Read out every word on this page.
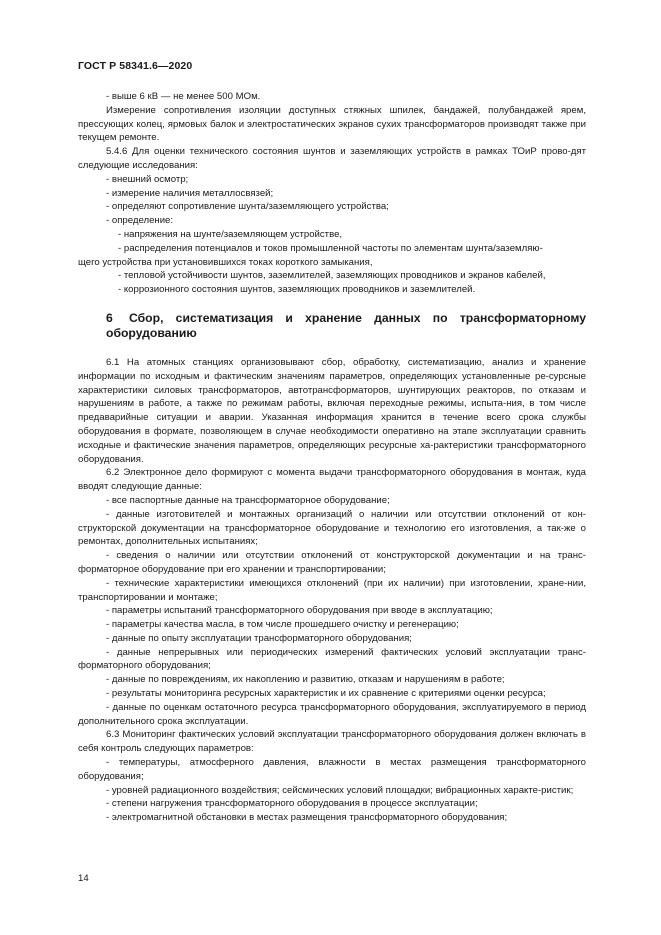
ГОСТ Р 58341.6—2020

- выше 6 кВ — не менее 500 МОм.

Измерение сопротивления изоляции доступных стяжных шпилек, бандажей, полубандажей ярем, прессующих колец, ярмовых балок и электростатических экранов сухих трансформаторов производят также при текущем ремонте.

5.4.6 Для оценки технического состояния шунтов и заземляющих устройств в рамках ТОиР прово-дят следующие исследования:

- внешний осмотр;

- измерение наличия металлосвязей;

- определяют сопротивление шунта/заземляющего устройства;

- определение:

- напряжения на шунте/заземляющем устройстве,

- распределения потенциалов и токов промышленной частоты по элементам шунта/заземляю-
щего устройства при установившихся токах короткого замыкания,

- тепловой устойчивости шунтов, заземлителей, заземляющих проводников и экранов кабелей,

- коррозионного состояния шунтов, заземляющих проводников и заземлителей.

6 Сбор, систематизация и хранение данных по трансформаторному оборудованию

6.1 На атомных станциях организовывают сбор, обработку, систематизацию, анализ и хранение информации по исходным и фактическим значениям параметров, определяющих установленные ре-сурсные характеристики силовых трансформаторов, автотрансформаторов, шунтирующих реакторов, по отказам и нарушениям в работе, а также по режимам работы, включая переходные режимы, испыта-ния, в том числе предаварийные ситуации и аварии. Указанная информация хранится в течение всего срока службы оборудования в формате, позволяющем в случае необходимости оперативно на этапе эксплуатации сравнить исходные и фактические значения параметров, определяющих ресурсные ха-рактеристики трансформаторного оборудования.

6.2 Электронное дело формируют с момента выдачи трансформаторного оборудования в монтаж, куда вводят следующие данные:

- все паспортные данные на трансформаторное оборудование;

- данные изготовителей и монтажных организаций о наличии или отсутствии отклонений от кон-структорской документации на трансформаторное оборудование и технологию его изготовления, а так-же о ремонтах, дополнительных испытаниях;

- сведения о наличии или отсутствии отклонений от конструкторской документации и на транс-форматорное оборудование при его хранении и транспортировании;

- технические характеристики имеющихся отклонений (при их наличии) при изготовлении, хране-нии, транспортировании и монтаже;

- параметры испытаний трансформаторного оборудования при вводе в эксплуатацию;

- параметры качества масла, в том числе прошедшего очистку и регенерацию;

- данные по опыту эксплуатации трансформаторного оборудования;

- данные непрерывных или периодических измерений фактических условий эксплуатации транс-форматорного оборудования;

- данные по повреждениям, их накоплению и развитию, отказам и нарушениям в работе;

- результаты мониторинга ресурсных характеристик и их сравнение с критериями оценки ресурса;

- данные по оценкам остаточного ресурса трансформаторного оборудования, эксплуатируемого в период дополнительного срока эксплуатации.

6.3 Мониторинг фактических условий эксплуатации трансформаторного оборудования должен включать в себя контроль следующих параметров:

- температуры, атмосферного давления, влажности в местах размещения трансформаторного оборудования;

- уровней радиационного воздействия; сейсмических условий площадки; вибрационных характе-ристик;

- степени нагружения трансформаторного оборудования в процессе эксплуатации;

- электромагнитной обстановки в местах размещения трансформаторного оборудования;

14
